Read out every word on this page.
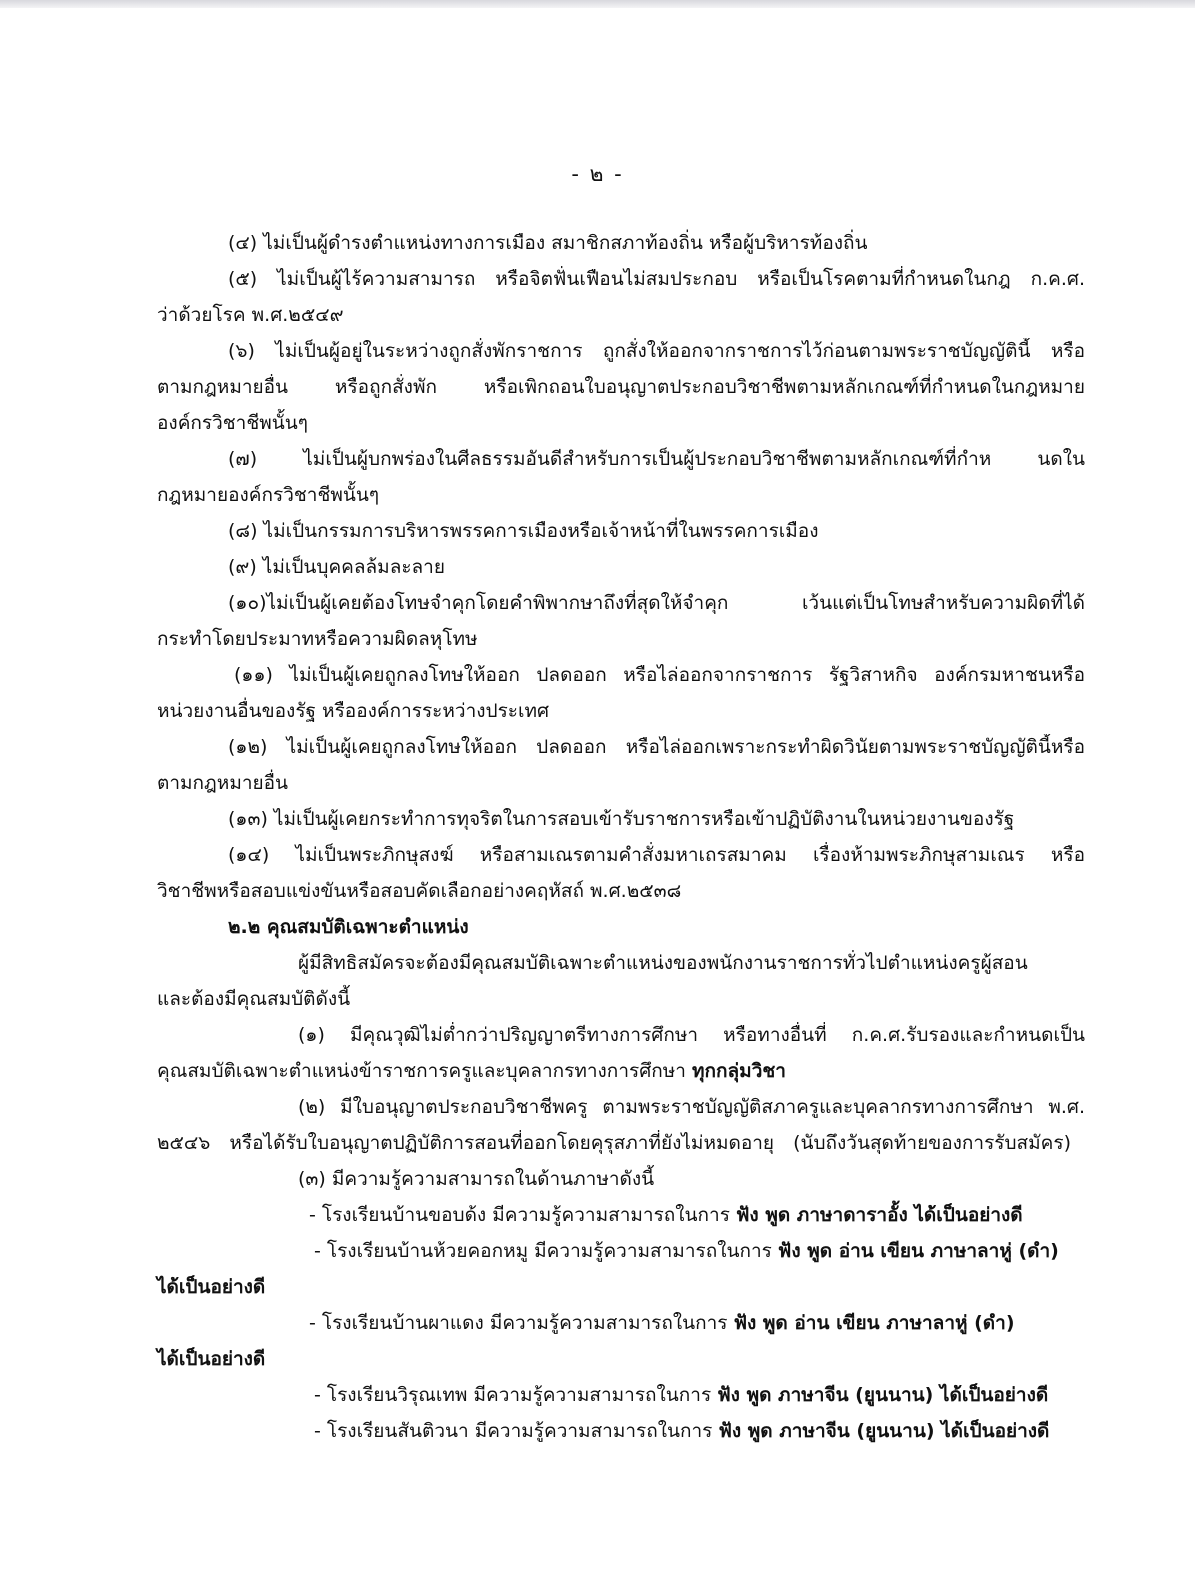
- ๒ -

(๔) ไม่เป็นผู้ดำรงตำแหน่งทางการเมือง สมาชิกสภาท้องถิ่น หรือผู้บริหารท้องถิ่น

(๕) ไม่เป็นผู้ไร้ความสามารถ หรือจิตฟั่นเฟือนไม่สมประกอบ หรือเป็นโรคตามที่กำหนดในกฎ ก.ค.ศ.

ว่าด้วยโรค พ.ศ.๒๕๔๙

(๖) ไม่เป็นผู้อยู่ในระหว่างถูกสั่งพักราชการ ถูกสั่งให้ออกจากราชการไว้ก่อนตามพระราชบัญญัตินี้ หรือ

ตามกฎหมายอื่น หรือถูกสั่งพัก หรือเพิกถอนใบอนุญาตประกอบวิชาชีพตามหลักเกณฑ์ที่กำหนดในกฎหมาย

องค์กรวิชาชีพนั้นๆ

(๗) ไม่เป็นผู้บกพร่องในศีลธรรมอันดีสำหรับการเป็นผู้ประกอบวิชาชีพตามหลักเกณฑ์ที่กำห นดใน

กฎหมายองค์กรวิชาชีพนั้นๆ

(๘) ไม่เป็นกรรมการบริหารพรรคการเมืองหรือเจ้าหน้าที่ในพรรคการเมือง

(๙) ไม่เป็นบุคคลล้มละลาย

(๑๐)ไม่เป็นผู้เคยต้องโทษจำคุกโดยคำพิพากษาถึงที่สุดให้จำคุก เว้นแต่เป็นโทษสำหรับความผิดที่ได้

กระทำโดยประมาทหรือความผิดลหุโทษ

(๑๑) ไม่เป็นผู้เคยถูกลงโทษให้ออก ปลดออก หรือไล่ออกจากราชการ รัฐวิสาหกิจ องค์กรมหาชนหรือ

หน่วยงานอื่นของรัฐ หรือองค์การระหว่างประเทศ

(๑๒) ไม่เป็นผู้เคยถูกลงโทษให้ออก ปลดออก หรือไล่ออกเพราะกระทำผิดวินัยตามพระราชบัญญัตินี้หรือ

ตามกฎหมายอื่น

(๑๓) ไม่เป็นผู้เคยกระทำการทุจริตในการสอบเข้ารับราชการหรือเข้าปฏิบัติงานในหน่วยงานของรัฐ

(๑๔) ไม่เป็นพระภิกษุสงฆ์ หรือสามเณรตามคำสั่งมหาเถรสมาคม เรื่องห้ามพระภิกษุสามเณร หรือ

วิชาชีพหรือสอบแข่งขันหรือสอบคัดเลือกอย่างคฤหัสถ์ พ.ศ.๒๕๓๘

๒.๒ คุณสมบัติเฉพาะตำแหน่ง

ผู้มีสิทธิสมัครจะต้องมีคุณสมบัติเฉพาะตำแหน่งของพนักงานราชการทั่วไปตำแหน่งครูผู้สอน

และต้องมีคุณสมบัติดังนี้

(๑) มีคุณวุฒิไม่ต่ำกว่าปริญญาตรีทางการศึกษา หรือทางอื่นที่ ก.ค.ศ.รับรองและกำหนดเป็น

คุณสมบัติเฉพาะตำแหน่งข้าราชการครูและบุคลากรทางการศึกษา ทุกกลุ่มวิชา

(๒) มีใบอนุญาตประกอบวิชาชีพครู ตามพระราชบัญญัติสภาครูและบุคลากรทางการศึกษา พ.ศ.

๒๕๔๖ หรือได้รับใบอนุญาตปฏิบัติการสอนที่ออกโดยคุรุสภาที่ยังไม่หมดอายุ (นับถึงวันสุดท้ายของการรับสมัคร)

(๓) มีความรู้ความสามารถในด้านภาษาดังนี้

- โรงเรียนบ้านขอบด้ง มีความรู้ความสามารถในการ ฟัง พูด ภาษาดาราอั้ง ได้เป็นอย่างดี

- โรงเรียนบ้านห้วยคอกหมู มีความรู้ความสามารถในการ ฟัง พูด อ่าน เขียน ภาษาลาหู่ (ดำ)

ได้เป็นอย่างดี

- โรงเรียนบ้านผาแดง มีความรู้ความสามารถในการ ฟัง พูด อ่าน เขียน ภาษาลาหู่ (ดำ)

ได้เป็นอย่างดี

- โรงเรียนวิรุณเทพ มีความรู้ความสามารถในการ ฟัง พูด ภาษาจีน (ยูนนาน) ได้เป็นอย่างดี

- โรงเรียนสันติวนา มีความรู้ความสามารถในการ ฟัง พูด ภาษาจีน (ยูนนาน) ได้เป็นอย่างดี
